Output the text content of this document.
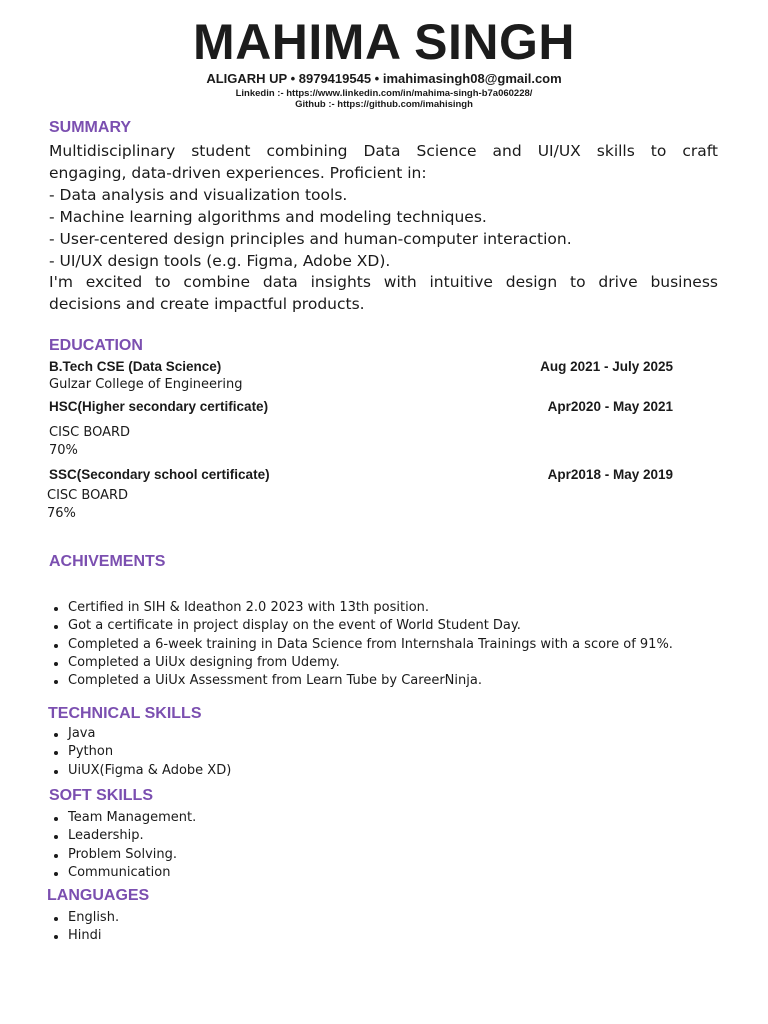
MAHIMA SINGH
ALIGARH UP • 8979419545 • imahimasingh08@gmail.com
Linkedin :- https://www.linkedin.com/in/mahima-singh-b7a060228/
Github :- https://github.com/imahisingh
SUMMARY
Multidisciplinary student combining Data Science and UI/UX skills to craft
engaging, data-driven experiences. Proficient in:
- Data analysis and visualization tools.
- Machine learning algorithms and modeling techniques.
- User-centered design principles and human-computer interaction.
- UI/UX design tools (e.g. Figma, Adobe XD).
I'm excited to combine data insights with intuitive design to drive business
decisions and create impactful products.
EDUCATION
B.Tech CSE (Data Science)	Aug 2021 - July 2025
Gulzar College of Engineering
HSC(Higher secondary certificate)	Apr2020 - May 2021
CISC BOARD
70%
SSC(Secondary school certificate)	Apr2018 - May 2019
CISC BOARD
76%
ACHIVEMENTS
Certified in SIH & Ideathon 2.0 2023 with 13th position.
Got a certificate in project display on the event of World Student Day.
Completed a 6-week training in Data Science from Internshala Trainings with a score of 91%.
Completed a UiUx designing from Udemy.
Completed a UiUx Assessment from Learn Tube by CareerNinja.
TECHNICAL SKILLS
Java
Python
UiUX(Figma & Adobe XD)
SOFT SKILLS
Team Management.
Leadership.
Problem Solving.
Communication
LANGUAGES
English.
Hindi
